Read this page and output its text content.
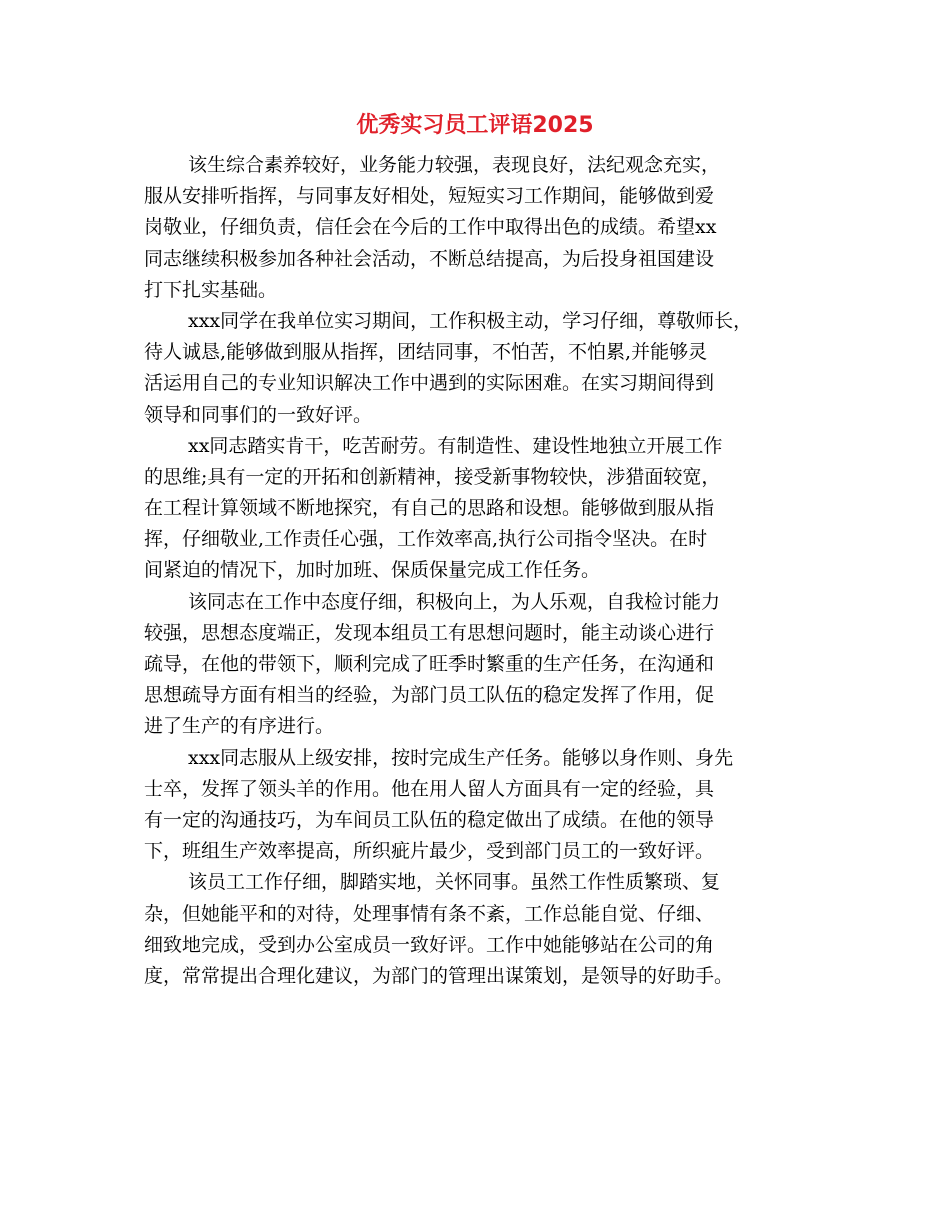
优秀实习员工评语2025
该生综合素养较好，业务能力较强，表现良好，法纪观念充实，
服从安排听指挥，与同事友好相处，短短实习工作期间，能够做到爱
岗敬业，仔细负责，信任会在今后的工作中取得出色的成绩。希望xx
同志继续积极参加各种社会活动，不断总结提高，为后投身祖国建设
打下扎实基础。
xxx同学在我单位实习期间，工作积极主动，学习仔细，尊敬师长，
待人诚恳,能够做到服从指挥，团结同事，不怕苦，不怕累,并能够灵
活运用自己的专业知识解决工作中遇到的实际困难。在实习期间得到
领导和同事们的一致好评。
xx同志踏实肯干，吃苦耐劳。有制造性、建设性地独立开展工作
的思维;具有一定的开拓和创新精神，接受新事物较快，涉猎面较宽，
在工程计算领域不断地探究，有自己的思路和设想。能够做到服从指
挥，仔细敬业,工作责任心强，工作效率高,执行公司指令坚决。在时
间紧迫的情况下，加时加班、保质保量完成工作任务。
该同志在工作中态度仔细，积极向上，为人乐观，自我检讨能力
较强，思想态度端正，发现本组员工有思想问题时，能主动谈心进行
疏导，在他的带领下，顺利完成了旺季时繁重的生产任务，在沟通和
思想疏导方面有相当的经验，为部门员工队伍的稳定发挥了作用，促
进了生产的有序进行。
xxx同志服从上级安排，按时完成生产任务。能够以身作则、身先
士卒，发挥了领头羊的作用。他在用人留人方面具有一定的经验，具
有一定的沟通技巧，为车间员工队伍的稳定做出了成绩。在他的领导
下，班组生产效率提高，所织疵片最少，受到部门员工的一致好评。
该员工工作仔细，脚踏实地，关怀同事。虽然工作性质繁琐、复
杂，但她能平和的对待，处理事情有条不紊，工作总能自觉、仔细、
细致地完成，受到办公室成员一致好评。工作中她能够站在公司的角
度，常常提出合理化建议，为部门的管理出谋策划，是领导的好助手。
